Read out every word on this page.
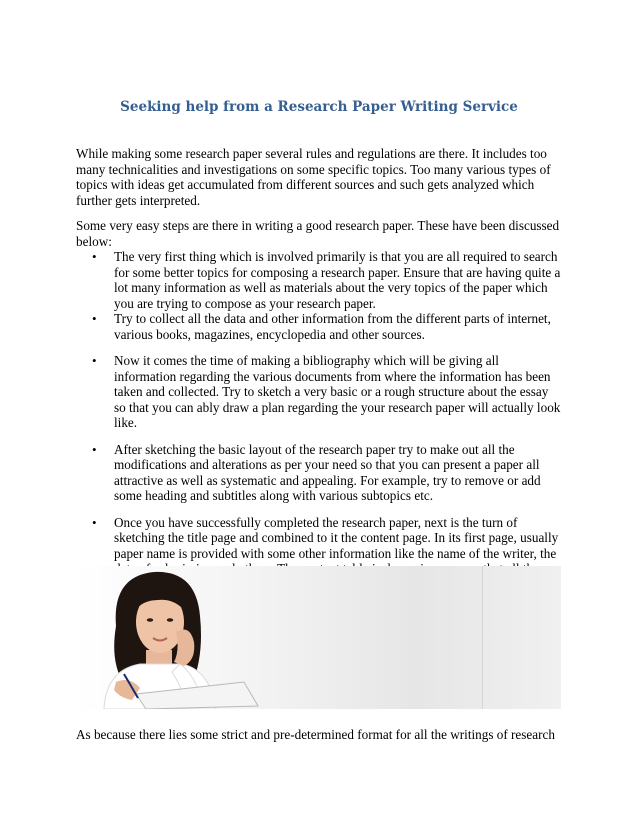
Seeking help from a Research Paper Writing Service

While making some research paper several rules and regulations are there. It includes too many technicalities and investigations on some specific topics. Too many various types of topics with ideas get accumulated from different sources and such gets analyzed which further gets interpreted.

Some very easy steps are there in writing a good research paper. These have been discussed below:

• The very first thing which is involved primarily is that you are all required to search for some better topics for composing a research paper. Ensure that are having quite a lot many information as well as materials about the very topics of the paper which you are trying to compose as your research paper.
• Try to collect all the data and other information from the different parts of internet, various books, magazines, encyclopedia and other sources.
• Now it comes the time of making a bibliography which will be giving all information regarding the various documents from where the information has been taken and collected. Try to sketch a very basic or a rough structure about the essay so that you can ably draw a plan regarding the your research paper will actually look like.
• After sketching the basic layout of the research paper try to make out all the modifications and alterations as per your need so that you can present a paper all attractive as well as systematic and appealing. For example, try to remove or add some heading and subtitles along with various subtopics etc.
• Once you have successfully completed the research paper, next is the turn of sketching the title page and combined to it the content page. In its first page, usually paper name is provided with some other information like the name of the writer, the

As because there lies some strict and pre-determined format for all the writings of research
